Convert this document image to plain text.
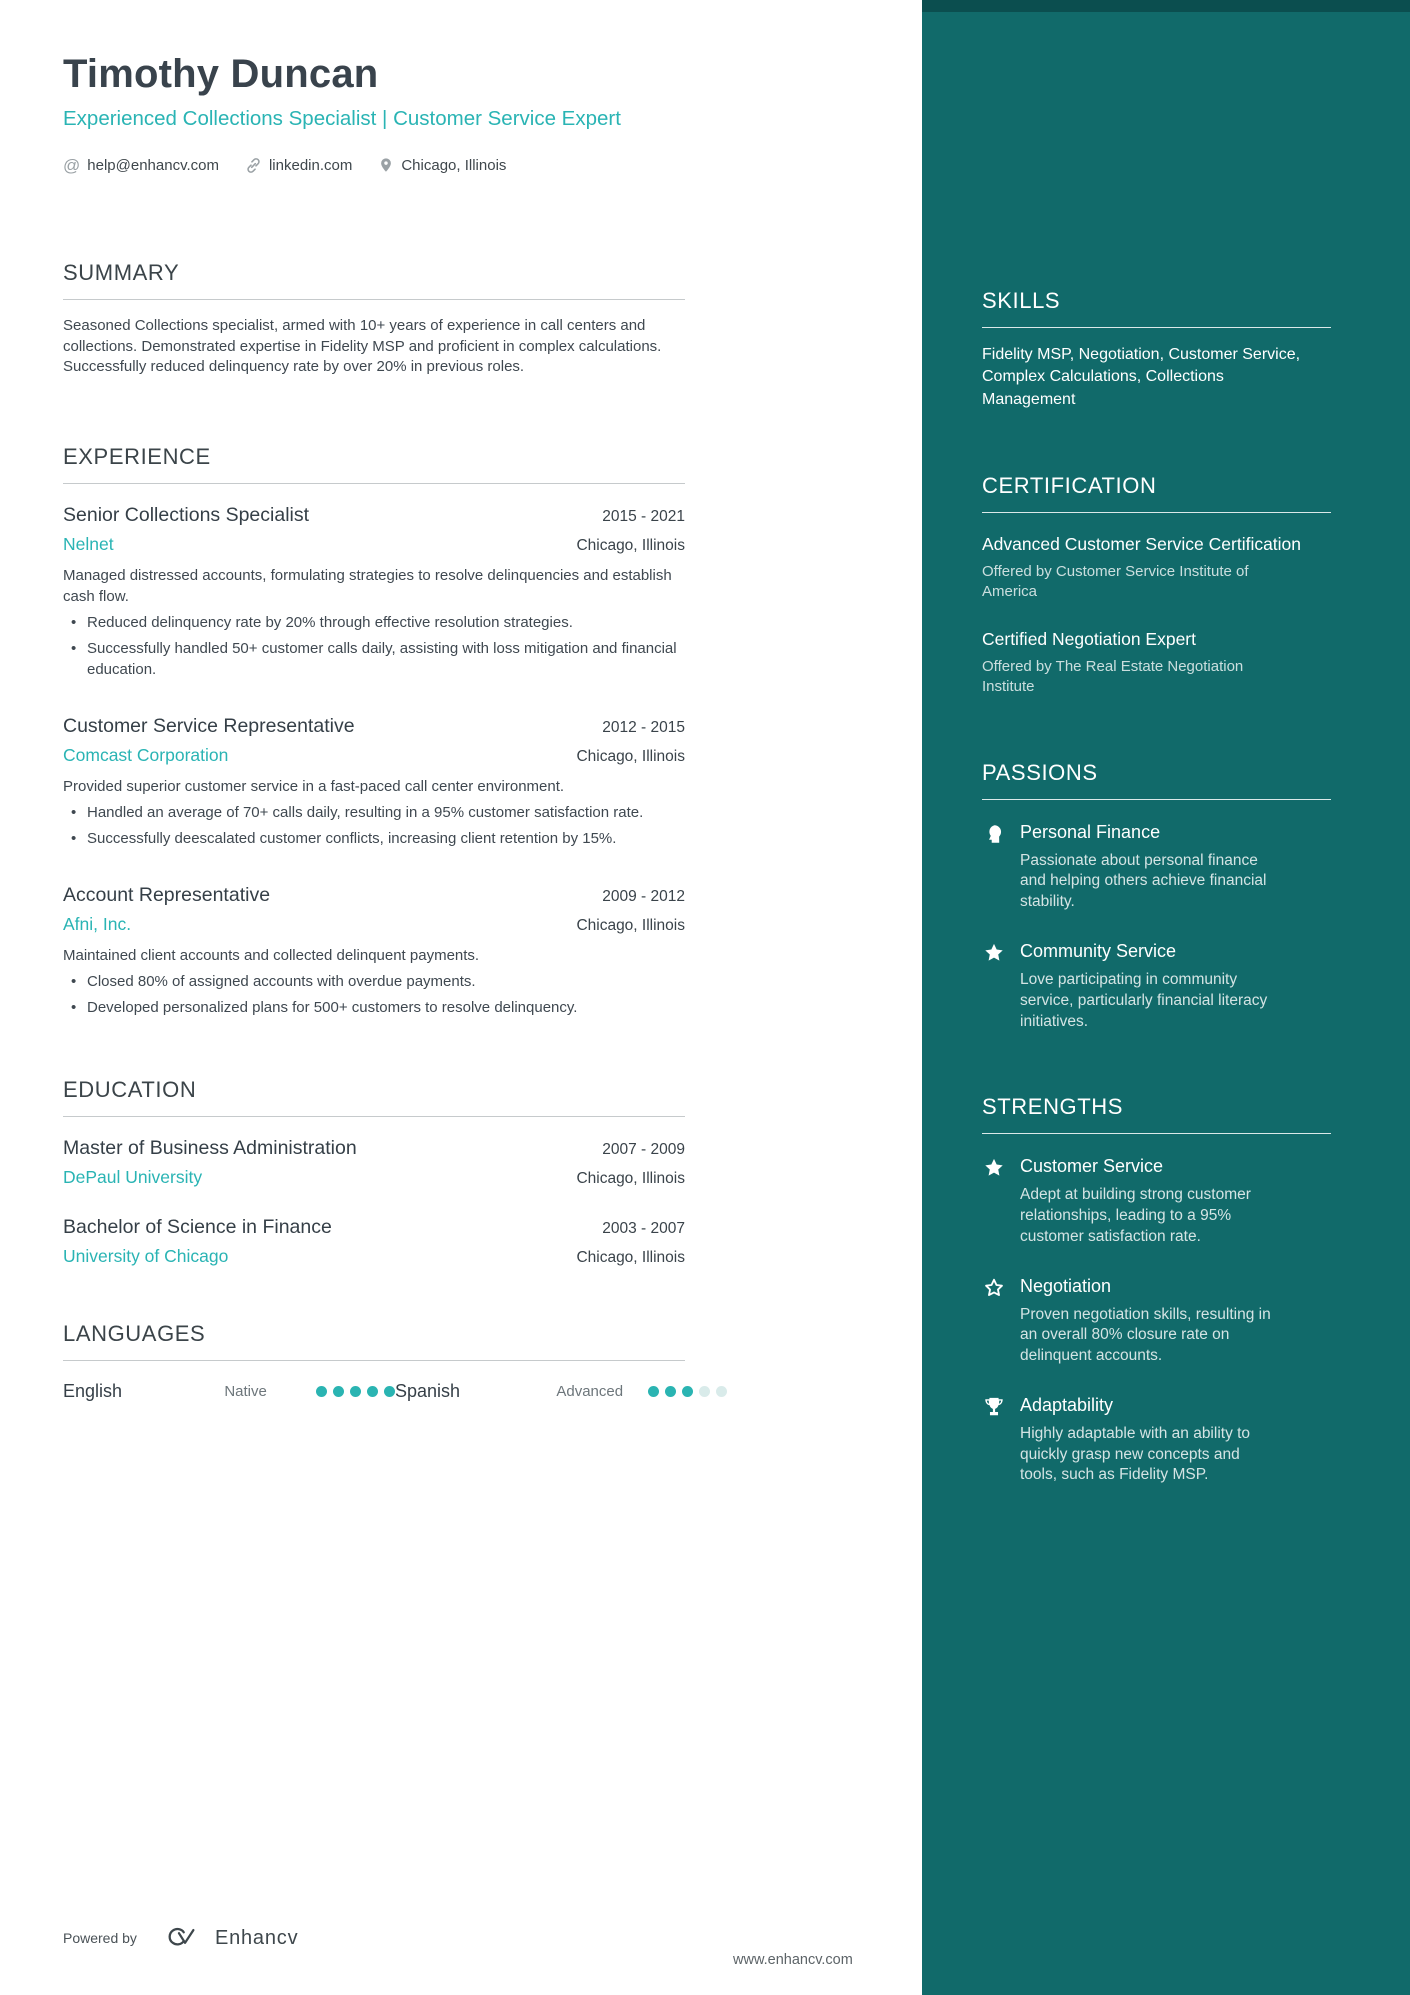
SKILLS
Fidelity MSP, Negotiation, Customer Service, Complex Calculations, Collections Management
CERTIFICATION
Advanced Customer Service Certification
Offered by Customer Service Institute of America
Certified Negotiation Expert
Offered by The Real Estate Negotiation Institute
PASSIONS
Personal Finance
Passionate about personal finance and helping others achieve financial stability.
Community Service
Love participating in community service, particularly financial literacy initiatives.
STRENGTHS
Customer Service
Adept at building strong customer relationships, leading to a 95% customer satisfaction rate.
Negotiation
Proven negotiation skills, resulting in an overall 80% closure rate on delinquent accounts.
Adaptability
Highly adaptable with an ability to quickly grasp new concepts and tools, such as Fidelity MSP.
Timothy Duncan
Experienced Collections Specialist | Customer Service Expert
@ help@enhancv.com	linkedin.com	Chicago, Illinois
SUMMARY

Seasoned Collections specialist, armed with 10+ years of experience in call centers and collections. Demonstrated expertise in Fidelity MSP and proficient in complex calculations. Successfully reduced delinquency rate by over 20% in previous roles.

EXPERIENCE
Senior Collections Specialist	2015 - 2021
Nelnet	Chicago, Illinois
Managed distressed accounts, formulating strategies to resolve delinquencies and establish cash flow.
• Reduced delinquency rate by 20% through effective resolution strategies.
• Successfully handled 50+ customer calls daily, assisting with loss mitigation and financial education.
Customer Service Representative	2012 - 2015
Comcast Corporation	Chicago, Illinois
Provided superior customer service in a fast-paced call center environment.
• Handled an average of 70+ calls daily, resulting in a 95% customer satisfaction rate.
• Successfully deescalated customer conflicts, increasing client retention by 15%.
Account Representative	2009 - 2012
Afni, Inc.	Chicago, Illinois
Maintained client accounts and collected delinquent payments.
• Closed 80% of assigned accounts with overdue payments.
• Developed personalized plans for 500+ customers to resolve delinquency.
EDUCATION
Master of Business Administration	2007 - 2009
DePaul University	Chicago, Illinois
Bachelor of Science in Finance	2003 - 2007
University of Chicago	Chicago, Illinois
LANGUAGES
English	Native	Spanish	Advanced
Powered by	Enhancv
www.enhancv.com
